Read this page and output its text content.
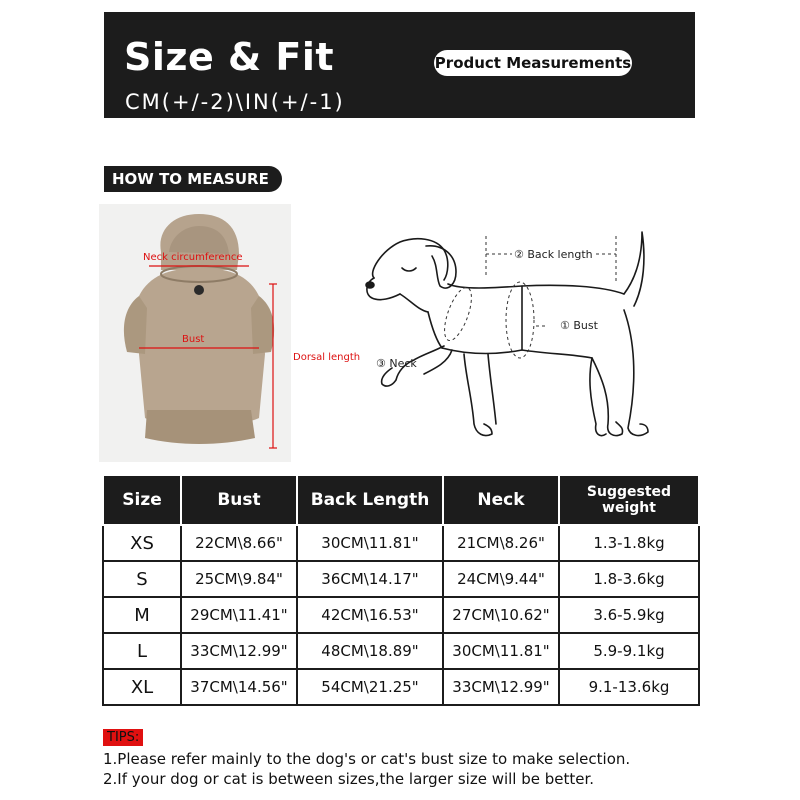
Size & Fit	Product Measurements
CM(+/-2)\IN(+/-1)
HOW TO MEASURE
Neck circumference
Bust
Dorsal length
② Back length
① Bust
③ Neck
Size	Bust	Back Length	Neck	Suggested weight
XS	22CM\8.66"	30CM\11.81"	21CM\8.26"	1.3-1.8kg
S	25CM\9.84"	36CM\14.17"	24CM\9.44"	1.8-3.6kg
M	29CM\11.41"	42CM\16.53"	27CM\10.62"	3.6-5.9kg
L	33CM\12.99"	48CM\18.89"	30CM\11.81"	5.9-9.1kg
XL	37CM\14.56"	54CM\21.25"	33CM\12.99"	9.1-13.6kg
TIPS:
1.Please refer mainly to the dog's or cat's bust size to make selection.
2.If your dog or cat is between sizes,the larger size will be better.
